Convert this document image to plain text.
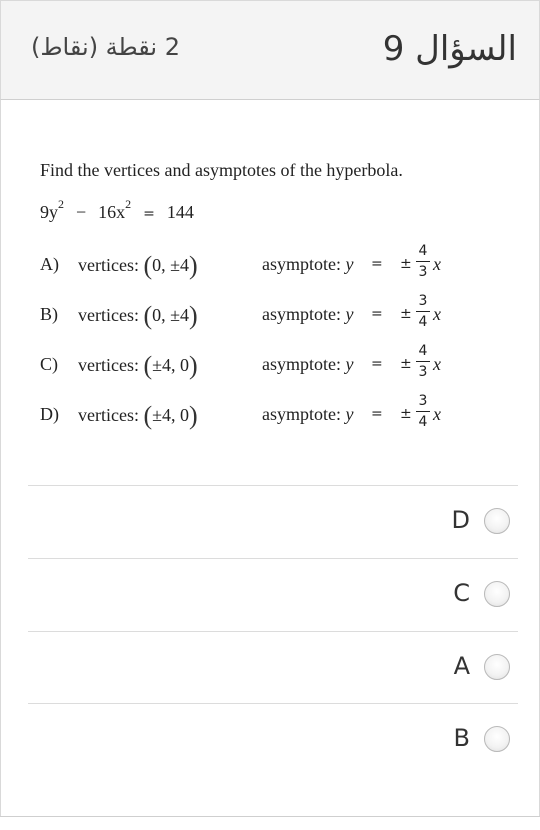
السؤال 9
2 نقطة (نقاط)
Find the vertices and asymptotes of the hyperbola.
$9y^2 - 16x^2= 144$
A) vertices: (0, ±4)	asymptote: y = ±
4
3 x
B) vertices: (0, ±4)	asymptote: y = ±
3
4 x
C) vertices: (±4, 0)	asymptote: y = ±
4
3 x
D) vertices: (±4, 0)	asymptote: y = ±
3
4 x
D
C
A
B
